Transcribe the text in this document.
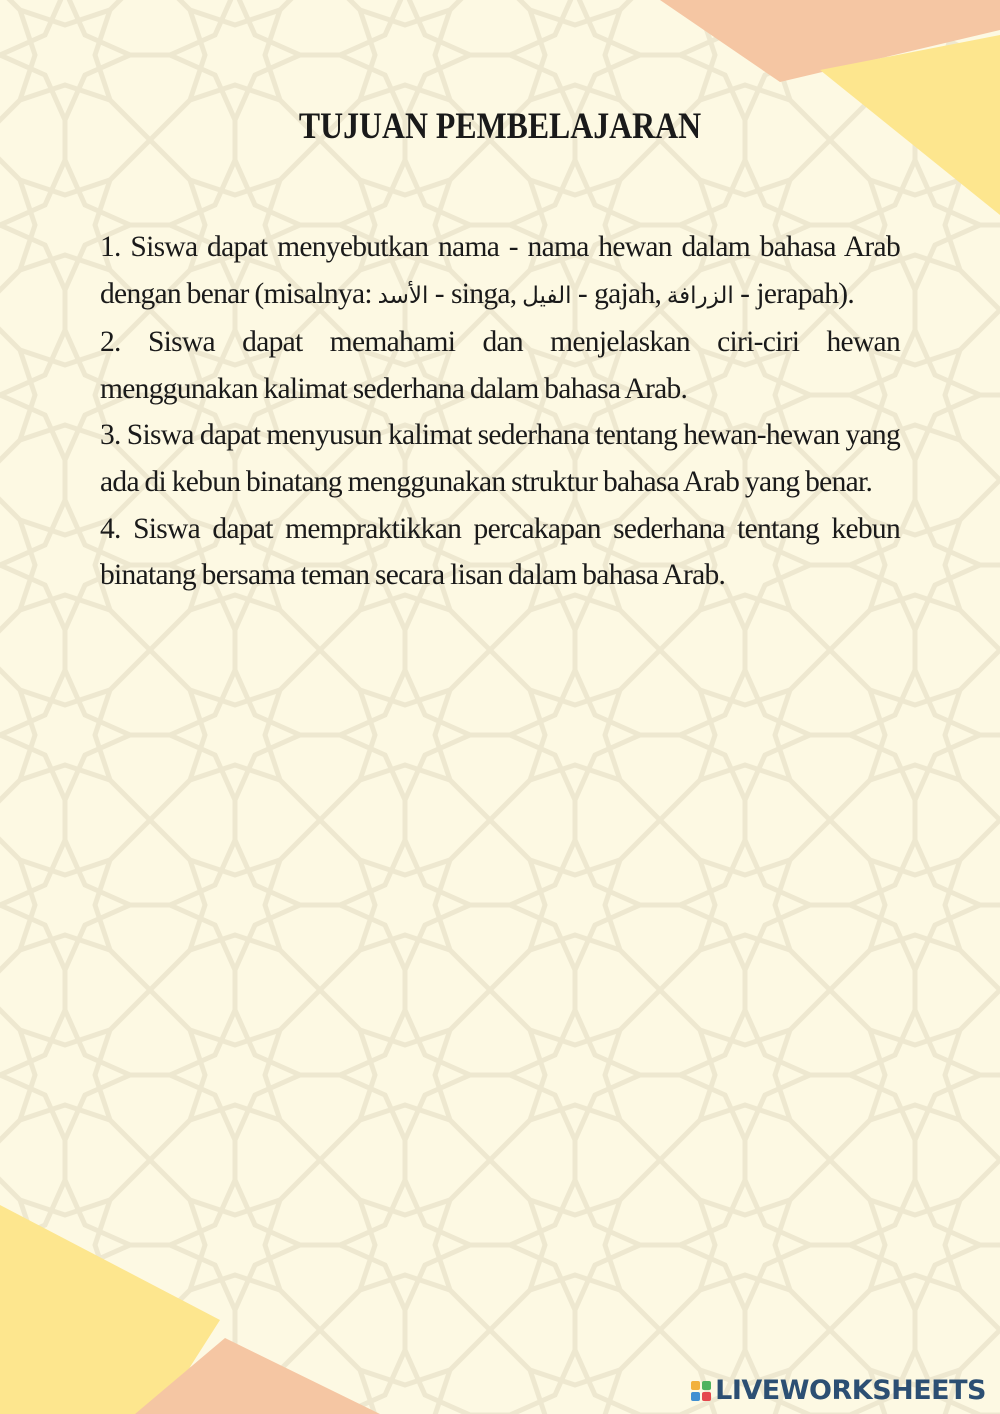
TUJUAN PEMBELAJARAN

1. Siswa dapat menyebutkan nama - nama hewan dalam bahasa Arab dengan benar (misalnya: الأسد - singa, الفيل - gajah, الزرافة - jerapah).

2. Siswa dapat memahami dan menjelaskan ciri-ciri hewan menggunakan kalimat sederhana dalam bahasa Arab.

3. Siswa dapat menyusun kalimat sederhana tentang hewan-hewan yang ada di kebun binatang menggunakan struktur bahasa Arab yang benar.

4. Siswa dapat mempraktikkan percakapan sederhana tentang kebun binatang bersama teman secara lisan dalam bahasa Arab.

LIVEWORKSHEETS
